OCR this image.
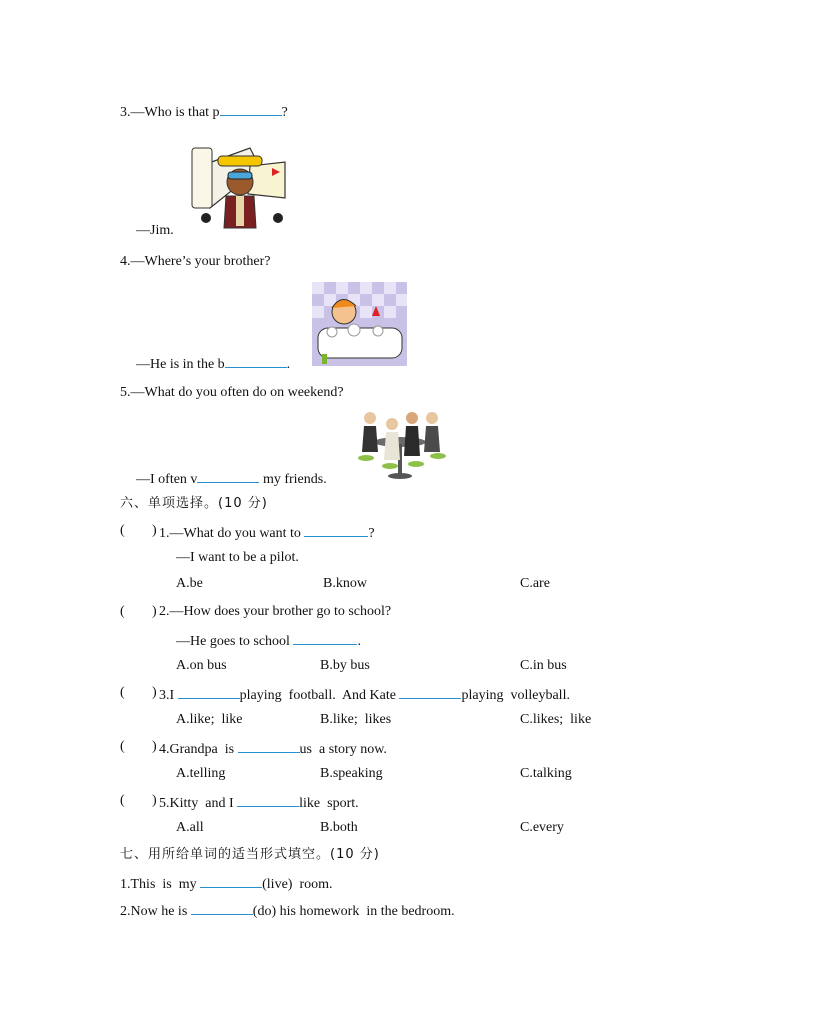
3.—Who is that p	?
—Jim.
4.—Where’s your brother?
—He is in the b	.
5.—What do you often do on weekend?
—I often v	my friends.
六、单项选择。(10 分)
( ) 1.—What do you want to	?
—I want to be a pilot.
A.be	B.know	C.are
( ) 2.—How does your brother go to school?
—He goes to school	.
A.on bus	B.by bus	C.in bus
( ) 3.I	playing  football.  And Kate	playing  volleyball.
A.like;  like	B.like;  likes	C.likes;  like
( ) 4.Grandpa  is	us  a story now.
A.telling	B.speaking	C.talking
( ) 5.Kitty  and I	like  sport.
A.all	B.both	C.every
七、用所给单词的适当形式填空。(10 分)
1.This  is  my	(live)  room.
2.Now he is	(do) his homework  in the bedroom.
